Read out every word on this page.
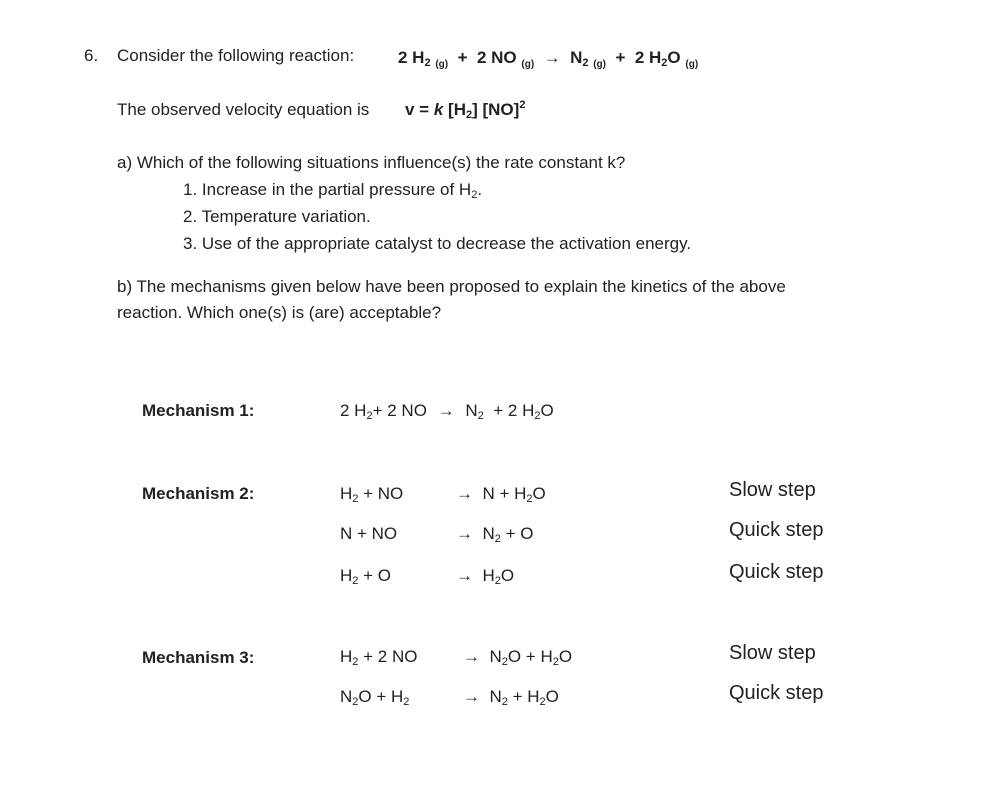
6. Consider the following reaction:	2 $H_2$ $_{(g)}$ + 2 NO $_{(g)} \to N_2$ $_{(g)}$ + 2 $H_2O$ $_{(g)}$
The observed velocity equation is v = k $[H_2]$ [NO]$^2$
a) Which of the following situations influence(s) the rate constant k?
1. Increase in the partial pressure of $H_2$.
2. Temperature variation.
3. Use of the appropriate catalyst to decrease the activation energy.
b) The mechanisms given below have been proposed to explain the kinetics of the above
reaction. Which one(s) is (are) acceptable?
Mechanism 1:	2 $H_2+ 2$ NO → $N_2 + 2$ $H_2O$
Mechanism 2:	$H_2$ + NO	→ $N + H_2O$	Slow step
N + NO	→ $N_2 + O$	Quick step
$H_2 + O$	→ $H_2O$	Quick step
Mechanism 3:	$H_2 + 2$ NO	→ $N_2O + H_2O$	Slow step
$N_2O + H_2$	→ $N_2 + H_2O$	Quick step
